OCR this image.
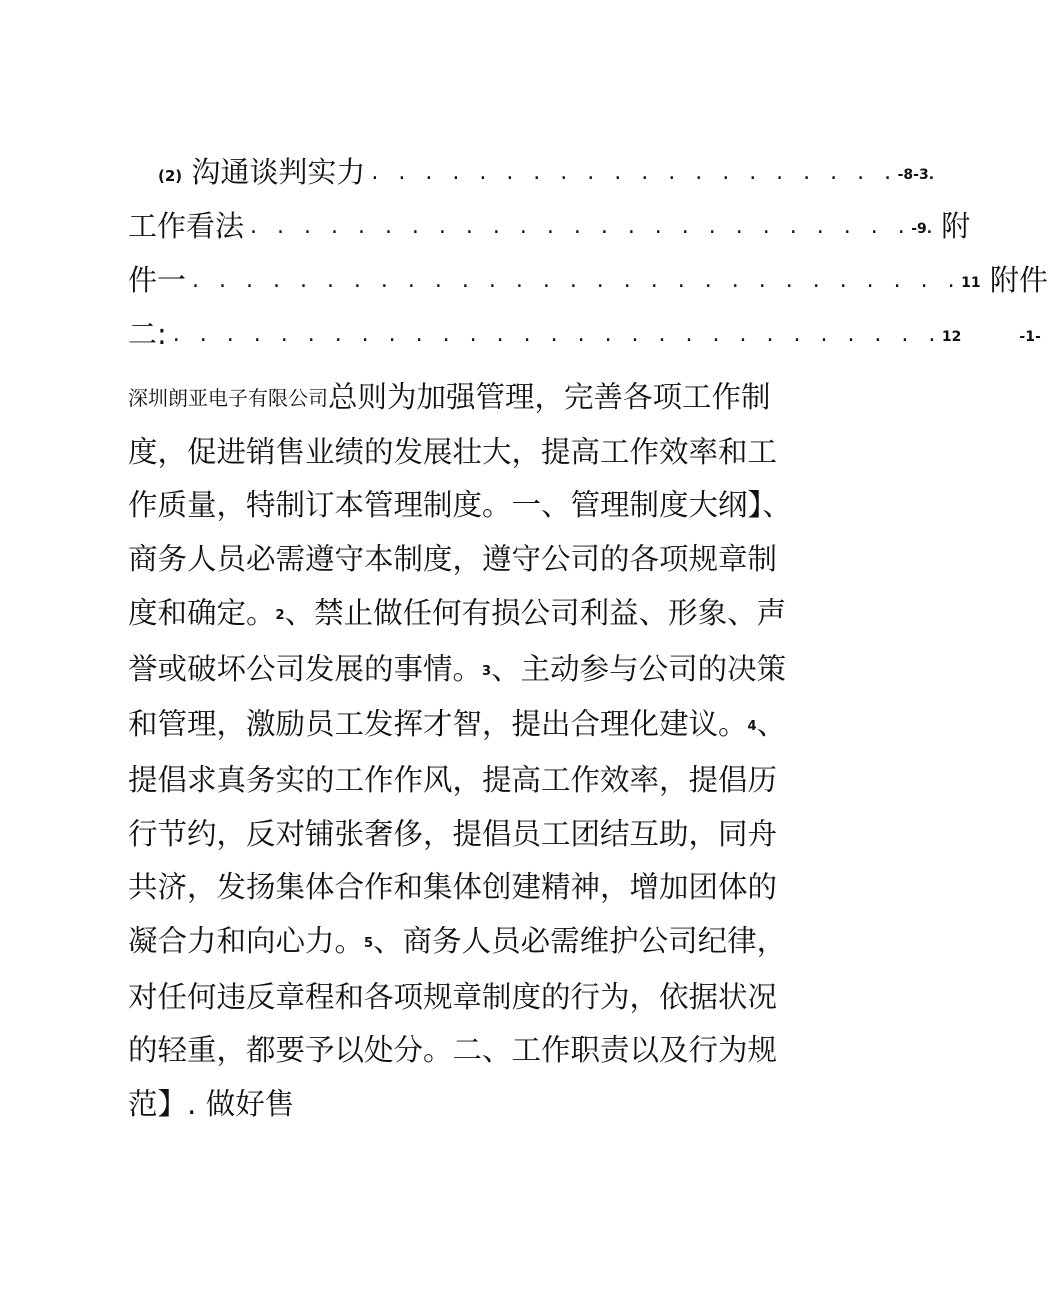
(2) 沟通谈判实力 . . . . . . . . . . . . . . . . . . . .-8-3.
工作看法 . . . . . . . . . . . . . . . . . . . . . . . . .-9. 附
件一 . . . . . . . . . . . . . . . . . . . . . . . . . . . . .11 附件
二: . . . . . . . . . . . . . . . . . . . . . . . . . . . . .12	-1-

深圳朗亚电子有限公司总则为加强管理，完善各项工作制度，促进销售业绩的发展壮大，提高工作效率和工作质量，特制订本管理制度。一、管理制度大纲】、商务人员必需遵守本制度，遵守公司的各项规章制度和确定。2、禁止做任何有损公司利益、形象、声誉或破坏公司发展的事情。3、主动参与公司的决策和管理，激励员工发挥才智，提出合理化建议。4、提倡求真务实的工作作风，提高工作效率，提倡历行节约，反对铺张奢侈，提倡员工团结互助，同舟共济，发扬集体合作和集体创建精神，增加团体的凝合力和向心力。5、商务人员必需维护公司纪律，对任何违反章程和各项规章制度的行为，依据状况的轻重，都要予以处分。二、工作职责以及行为规范】. 做好售
